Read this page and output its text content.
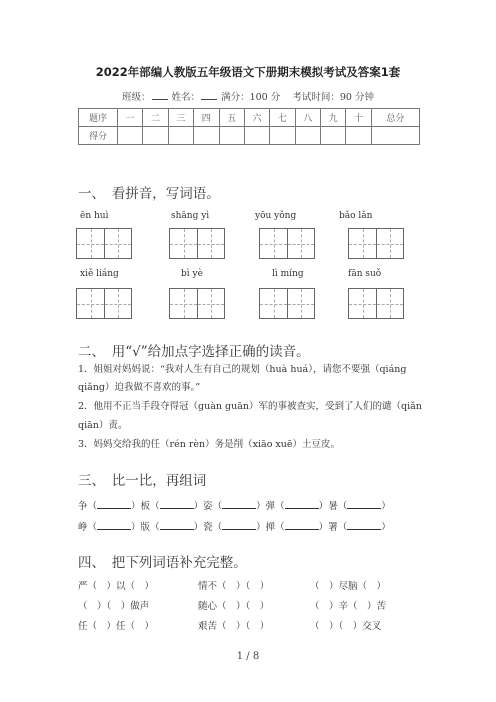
2022年部编人教版五年级语文下册期末模拟考试及答案1套
班级： 姓名： 满分：100 分 考试时间：90 分钟
题序	一	二	三	四	五	六	七	八	九	十	总分
得分											
一、　看拼音，写词语。
ēn huì	shāng yì	yōu yǒng	bǎo lǎn
xiě liáng	bì yè	lì míng	fān suǒ
二、　用“√”给加点字选择正确的读音。
1．姐姐对妈妈说：“我对人生有自己的规划（huà huá），请您不要强（qiáng
qiǎng）迫我做不喜欢的事。”
2．他用不正当手段夺得冠（guàn guān）军的事被查实，受到了人们的谴（qiǎn
qiān）责。
3．妈妈交给我的任（rén rèn）务是削（xiāo xuē）土豆皮。
三、　比一比，再组词
争（	）板（	）姿（	）弹（	）暑（	）
峥（	）版（	）瓷（	）掸（	）署（	）
四、　把下列词语补充完整。
严（　）以（　）	情不（　）（　）	（　）尽脑（　）
（　）（　）做声	随心（　）（　）	（　）辛（　）苦
任（　）任（　）	艰苦（　）（　）	（　）（　）交叉
1 / 8
